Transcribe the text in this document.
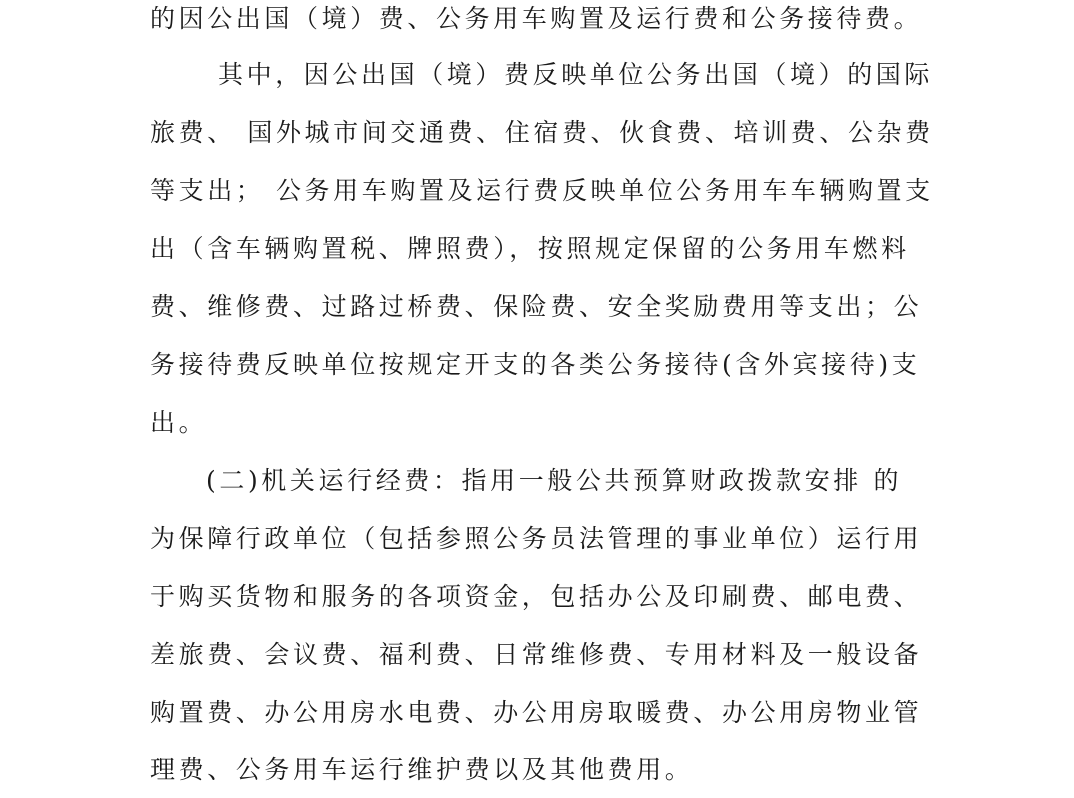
的因公出国（境）费、公务用车购置及运行费和公务接待费。
其中，因公出国（境）费反映单位公务出国（境）的国际
旅费、 国外城市间交通费、住宿费、伙食费、培训费、公杂费
等支出； 公务用车购置及运行费反映单位公务用车车辆购置支
出（含车辆购置税、牌照费），按照规定保留的公务用车燃料
费、维修费、过路过桥费、保险费、安全奖励费用等支出；公
务接待费反映单位按规定开支的各类公务接待(含外宾接待)支
出。
(二)机关运行经费：指用一般公共预算财政拨款安排 的
为保障行政单位（包括参照公务员法管理的事业单位）运行用
于购买货物和服务的各项资金，包括办公及印刷费、邮电费、
差旅费、会议费、福利费、日常维修费、专用材料及一般设备
购置费、办公用房水电费、办公用房取暖费、办公用房物业管
理费、公务用车运行维护费以及其他费用。
